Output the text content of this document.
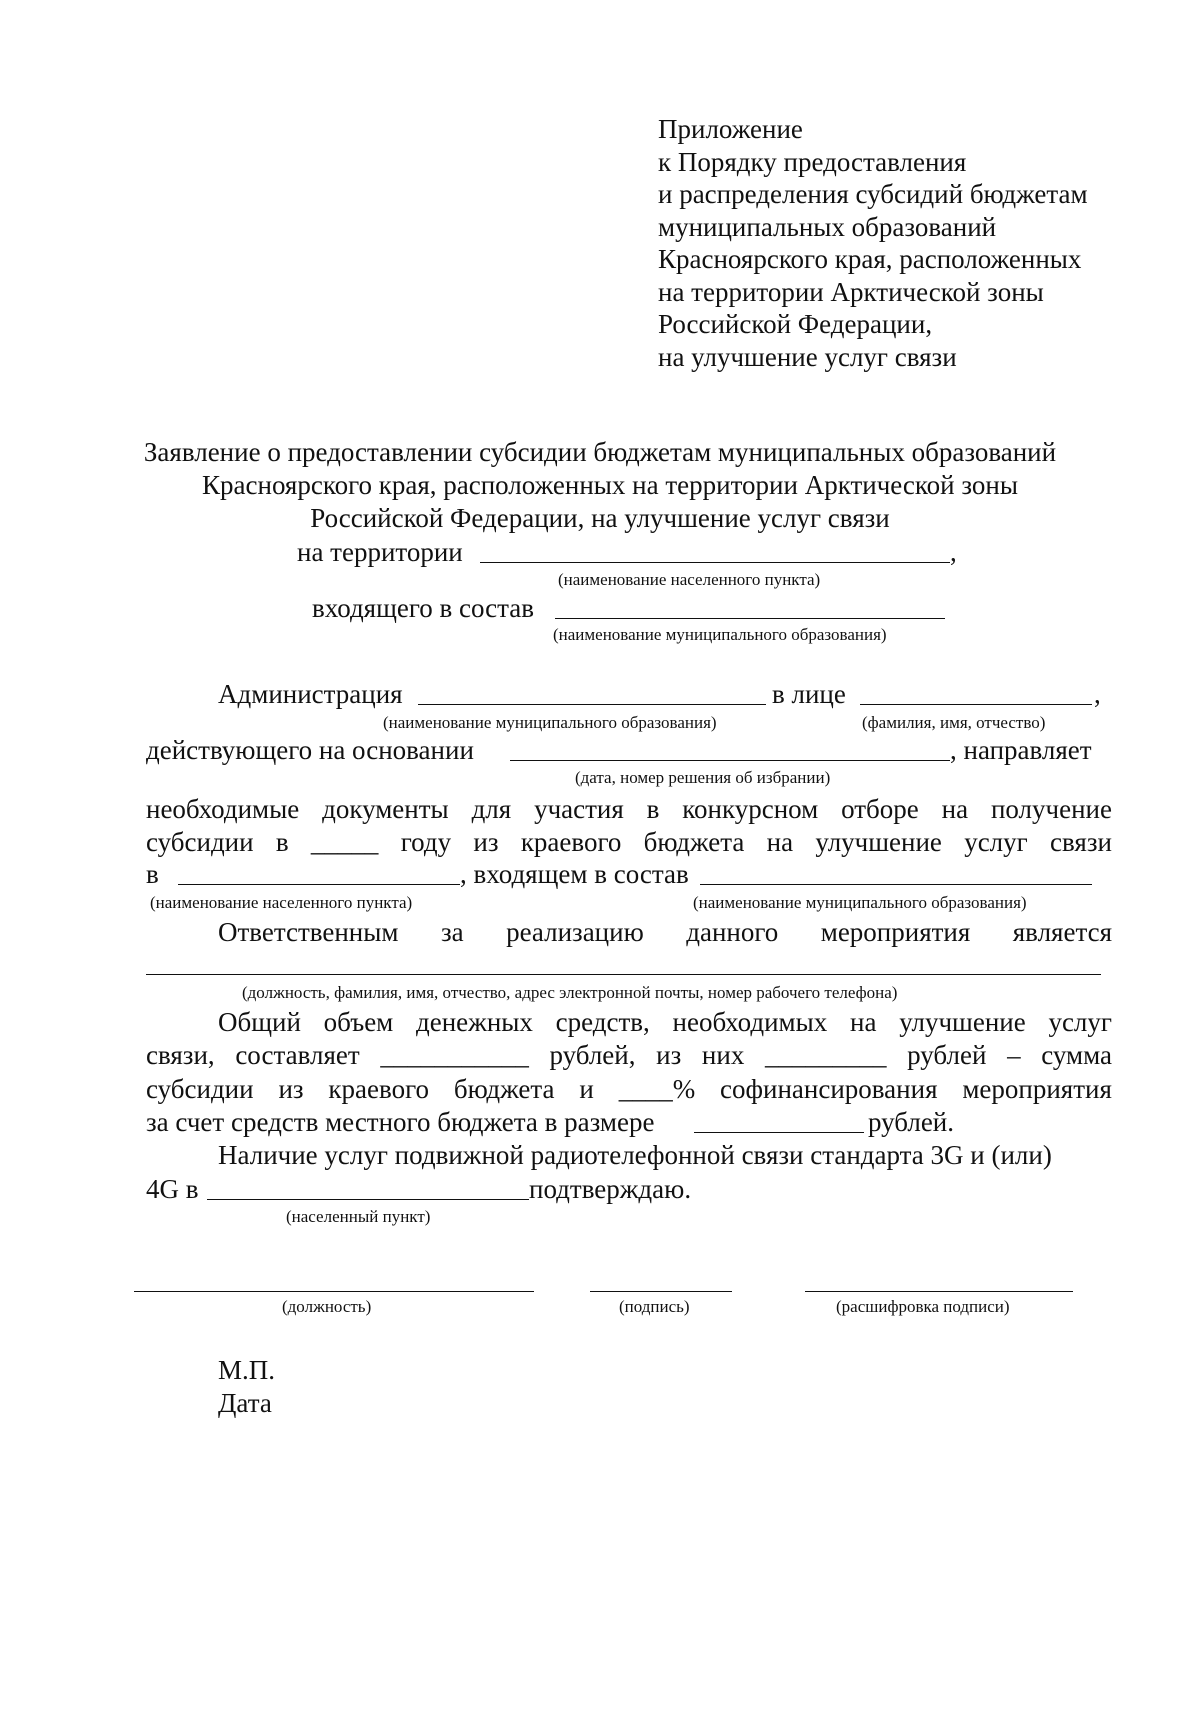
Приложение
к Порядку предоставления
и распределения субсидий бюджетам
муниципальных образований
Красноярского края, расположенных
на территории Арктической зоны
Российской Федерации,
на улучшение услуг связи
Заявление о предоставлении субсидии бюджетам муниципальных образований
Красноярского края, расположенных на территории Арктической зоны
Российской Федерации, на улучшение услуг связи
на территории	,
(наименование населенного пункта)
входящего в состав
(наименование муниципального образования)
Администрация	в лице	,
(наименование муниципального образования)	(фамилия, имя, отчество)
действующего на основании	, направляет
(дата, номер решения об избрании)
необходимые документы для участия в конкурсном отборе на получение
субсидии в _____ году из краевого бюджета на улучшение услуг связи
в	, входящем в состав
(наименование населенного пункта)	(наименование муниципального образования)
Ответственным за реализацию данного мероприятия является
(должность, фамилия, имя, отчество, адрес электронной почты, номер рабочего телефона)
Общий объем денежных средств, необходимых на улучшение услуг
связи, составляет ___________ рублей, из них _________ рублей – сумма
субсидии из краевого бюджета и ____% софинансирования мероприятия
за счет средств местного бюджета в размере	рублей.
Наличие услуг подвижной радиотелефонной связи стандарта 3G и (или)
4G в	подтверждаю.
(населенный пункт)
(должность)	(подпись)	(расшифровка подписи)
М.П.
Дата
